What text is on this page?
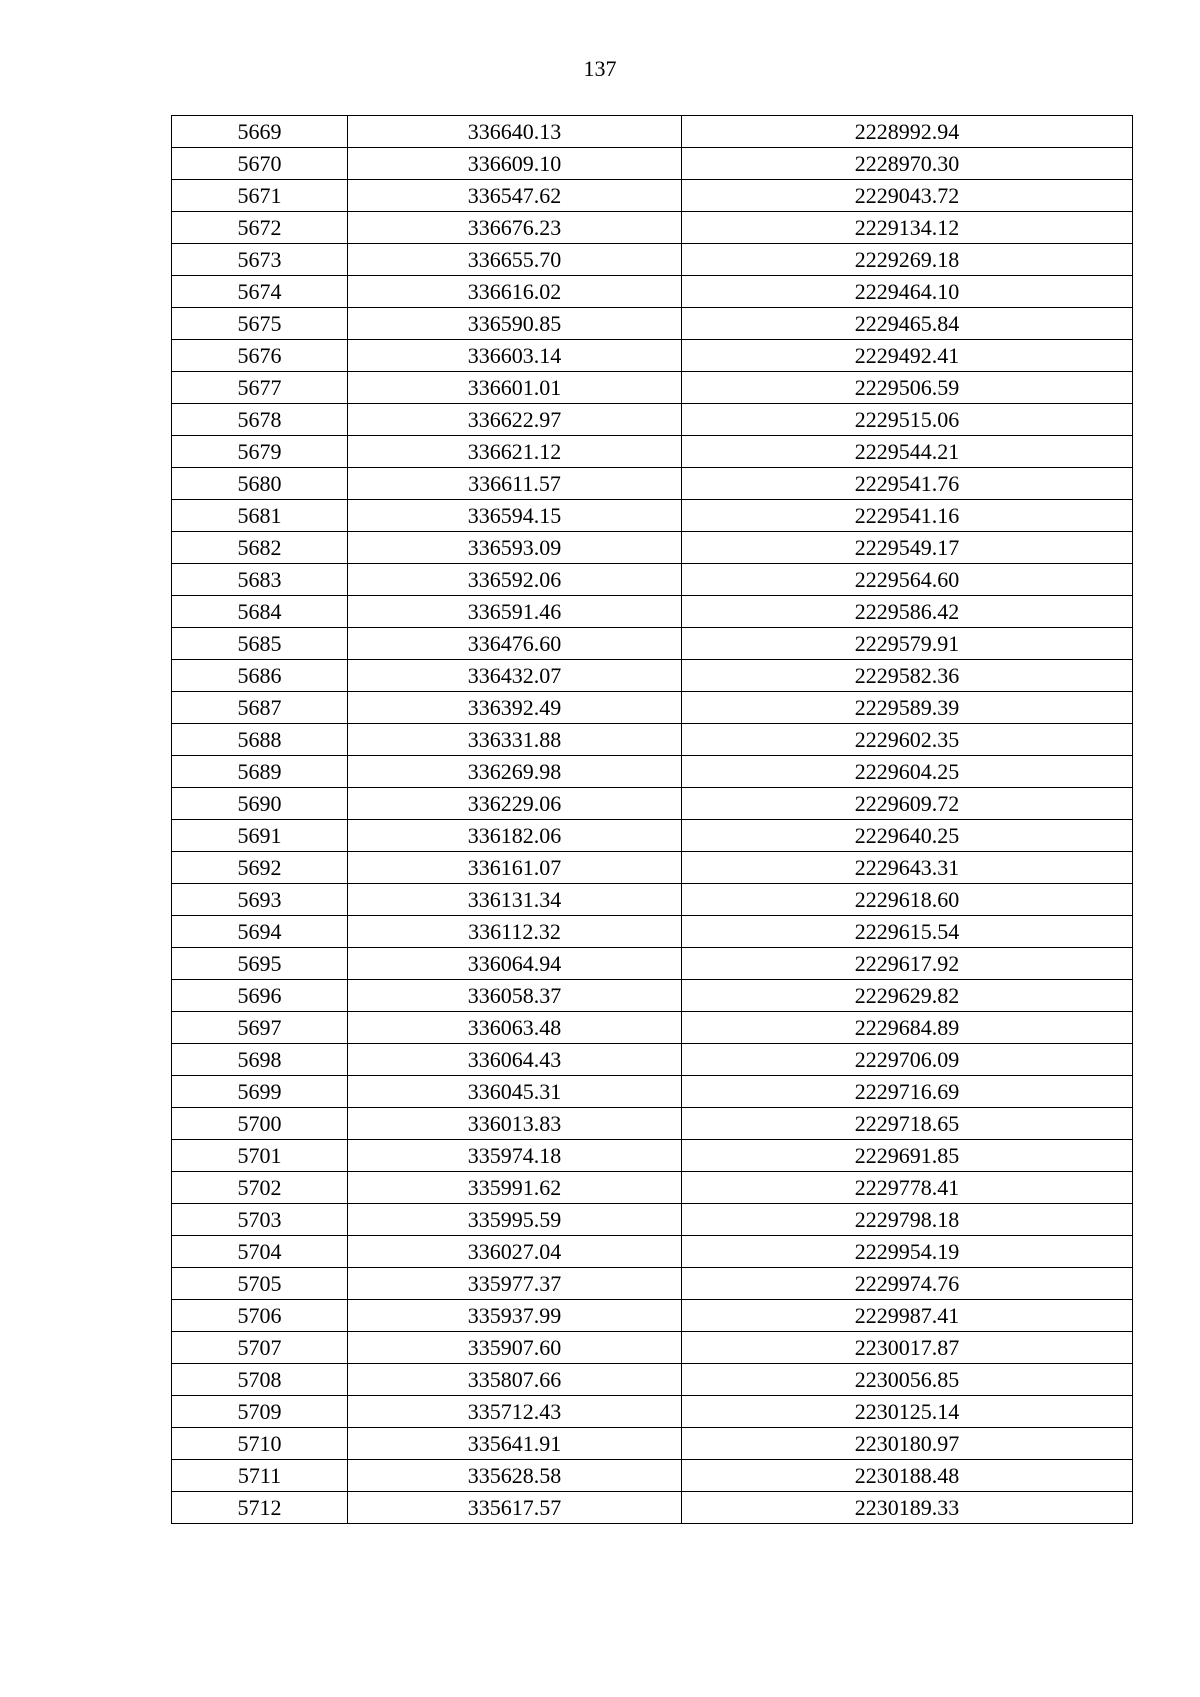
137
5669	336640.13	2228992.94
5670	336609.10	2228970.30
5671	336547.62	2229043.72
5672	336676.23	2229134.12
5673	336655.70	2229269.18
5674	336616.02	2229464.10
5675	336590.85	2229465.84
5676	336603.14	2229492.41
5677	336601.01	2229506.59
5678	336622.97	2229515.06
5679	336621.12	2229544.21
5680	336611.57	2229541.76
5681	336594.15	2229541.16
5682	336593.09	2229549.17
5683	336592.06	2229564.60
5684	336591.46	2229586.42
5685	336476.60	2229579.91
5686	336432.07	2229582.36
5687	336392.49	2229589.39
5688	336331.88	2229602.35
5689	336269.98	2229604.25
5690	336229.06	2229609.72
5691	336182.06	2229640.25
5692	336161.07	2229643.31
5693	336131.34	2229618.60
5694	336112.32	2229615.54
5695	336064.94	2229617.92
5696	336058.37	2229629.82
5697	336063.48	2229684.89
5698	336064.43	2229706.09
5699	336045.31	2229716.69
5700	336013.83	2229718.65
5701	335974.18	2229691.85
5702	335991.62	2229778.41
5703	335995.59	2229798.18
5704	336027.04	2229954.19
5705	335977.37	2229974.76
5706	335937.99	2229987.41
5707	335907.60	2230017.87
5708	335807.66	2230056.85
5709	335712.43	2230125.14
5710	335641.91	2230180.97
5711	335628.58	2230188.48
5712	335617.57	2230189.33
